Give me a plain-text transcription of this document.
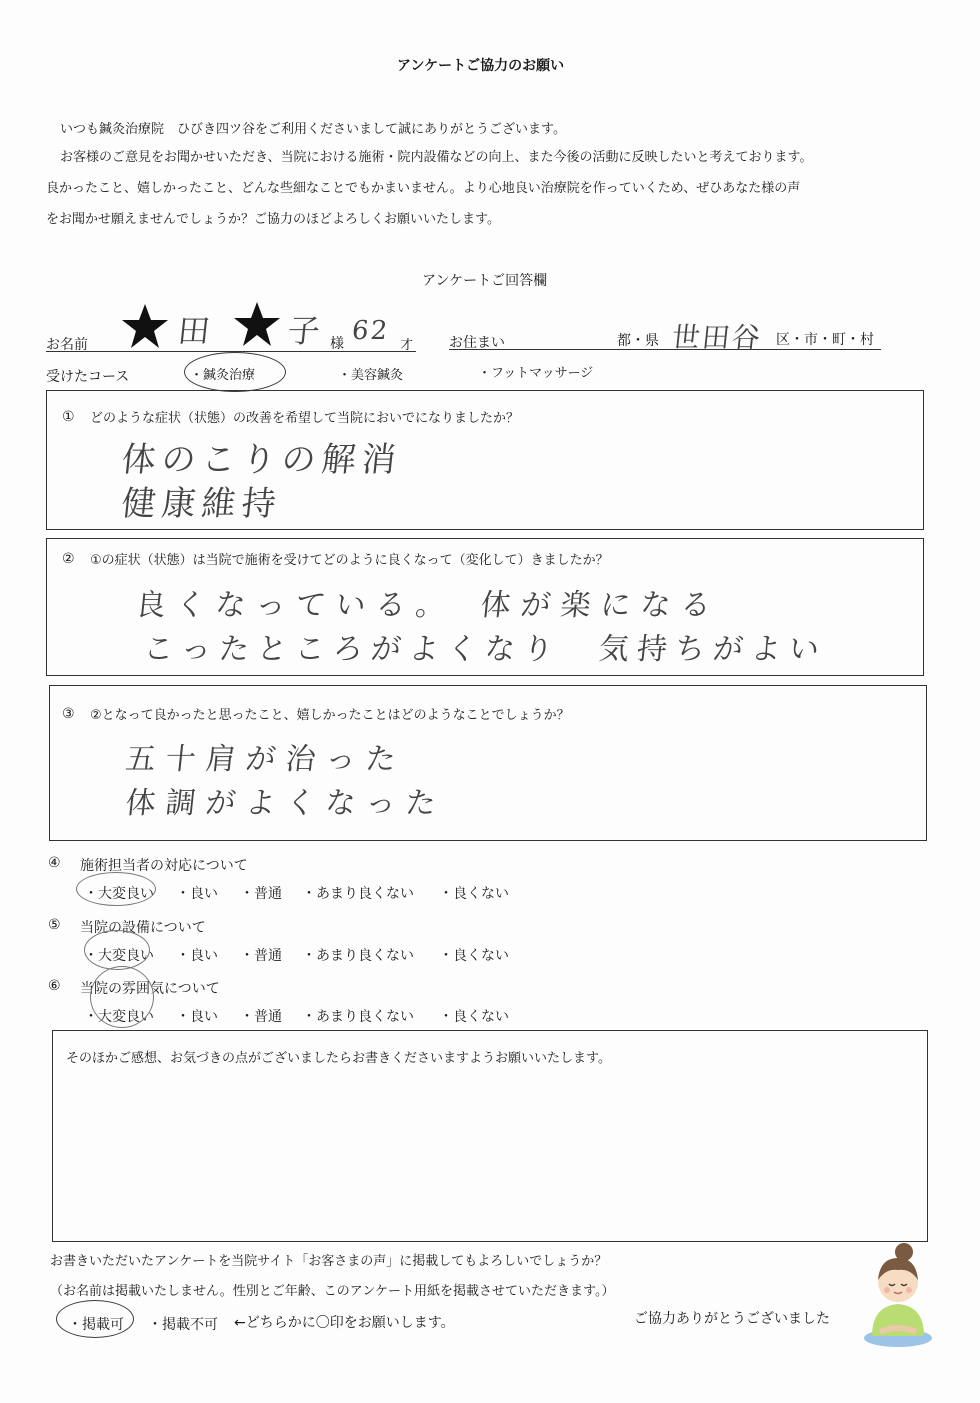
アンケートご協力のお願い
いつも鍼灸治療院　ひびき四ツ谷をご利用くださいまして誠にありがとうございます。
お客様のご意見をお聞かせいただき、当院における施術・院内設備などの向上、また今後の活動に反映したいと考えております。
良かったこと、嬉しかったこと、どんな些細なことでもかまいません。より心地良い治療院を作っていくため、ぜひあなた様の声
をお聞かせ願えませんでしょうか？ご協力のほどよろしくお願いいたします。
アンケートご回答欄
お名前	田 子 様 62 才	お住まい	都・県 世田谷 区・市・町・村
受けたコース	・鍼灸治療	・美容鍼灸	・フットマッサージ
① どのような症状（状態）の改善を希望して当院においでになりましたか？
体のこりの解消
健康維持
② ①の症状（状態）は当院で施術を受けてどのように良くなって（変化して）きましたか？
良くなっている。　体が楽になる
こったところがよくなり　気持ちがよい
③ ②となって良かったと思ったこと、嬉しかったことはどのようなことでしょうか？
五十肩が治った
体調がよくなった
④ 施術担当者の対応について
・大変良い ・良い ・普通 ・あまり良くない ・良くない
⑤ 当院の設備について
・大変良い ・良い ・普通 ・あまり良くない ・良くない
⑥ 当院の雰囲気について
・大変良い ・良い ・普通 ・あまり良くない ・良くない
そのほかご感想、お気づきの点がございましたらお書きくださいますようお願いいたします。
お書きいただいたアンケートを当院サイト「お客さまの声」に掲載してもよろしいでしょうか？
（お名前は掲載いたしません。性別とご年齢、このアンケート用紙を掲載させていただきます。）
・掲載可 ・掲載不可 ←どちらかに〇印をお願いします。	ご協力ありがとうございました
